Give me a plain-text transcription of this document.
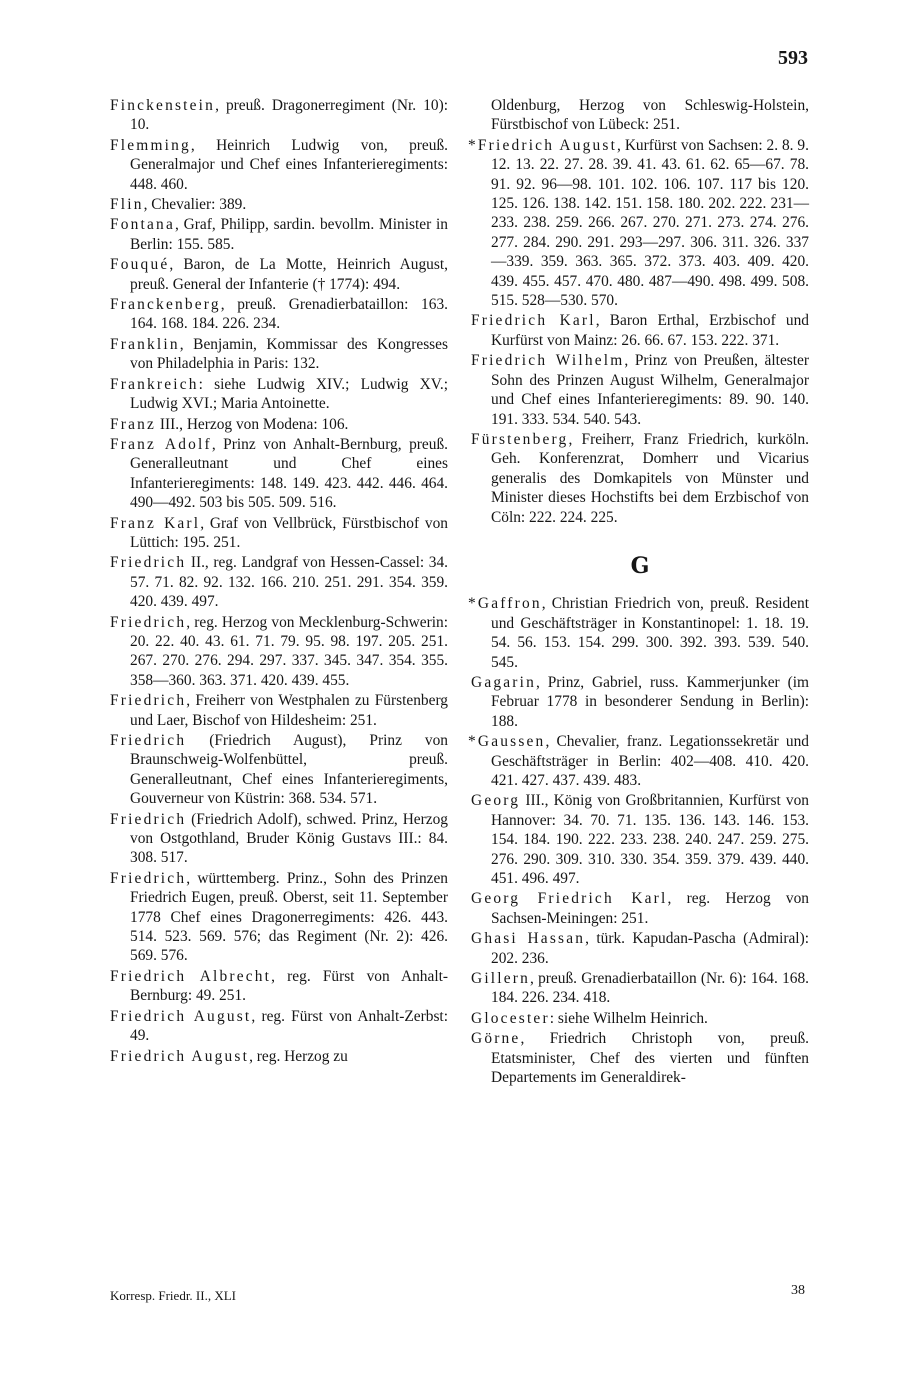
593

Finckenstein, preuß. Dragonerregiment (Nr. 10): 10.

Flemming, Heinrich Ludwig von, preuß. Generalmajor und Chef eines Infanterieregiments: 448. 460.

Flin, Chevalier: 389.

Fontana, Graf, Philipp, sardin. bevollm. Minister in Berlin: 155. 585.

Fouqué, Baron, de La Motte, Heinrich August, preuß. General der Infanterie († 1774): 494.

Franckenberg, preuß. Grenadierbataillon: 163. 164. 168. 184. 226. 234.

Franklin, Benjamin, Kommissar des Kongresses von Philadelphia in Paris: 132.

Frankreich: siehe Ludwig XIV.; Ludwig XV.; Ludwig XVI.; Maria Antoinette.

Franz III., Herzog von Modena: 106.

Franz Adolf, Prinz von Anhalt-Bernburg, preuß. Generalleutnant und Chef eines Infanterieregiments: 148. 149. 423. 442. 446. 464. 490—492. 503 bis 505. 509. 516.

Franz Karl, Graf von Vellbrück, Fürstbischof von Lüttich: 195. 251.

Friedrich II., reg. Landgraf von Hessen-Cassel: 34. 57. 71. 82. 92. 132. 166. 210. 251. 291. 354. 359. 420. 439. 497.

Friedrich, reg. Herzog von Mecklenburg-Schwerin: 20. 22. 40. 43. 61. 71. 79. 95. 98. 197. 205. 251. 267. 270. 276. 294. 297. 337. 345. 347. 354. 355. 358—360. 363. 371. 420. 439. 455.

Friedrich, Freiherr von Westphalen zu Fürstenberg und Laer, Bischof von Hildesheim: 251.

Friedrich (Friedrich August), Prinz von Braunschweig-Wolfenbüttel, preuß. Generalleutnant, Chef eines Infanterieregiments, Gouverneur von Küstrin: 368. 534. 571.

Friedrich (Friedrich Adolf), schwed. Prinz, Herzog von Ostgothland, Bruder König Gustavs III.: 84. 308. 517.

Friedrich, württemberg. Prinz., Sohn des Prinzen Friedrich Eugen, preuß. Oberst, seit 11. September 1778 Chef eines Dragonerregiments: 426. 443. 514. 523. 569. 576; das Regiment (Nr. 2): 426. 569. 576.

Friedrich Albrecht, reg. Fürst von Anhalt-Bernburg: 49. 251.

Friedrich August, reg. Fürst von Anhalt-Zerbst: 49.

Friedrich August, reg. Herzog zu

Oldenburg, Herzog von Schleswig-Holstein, Fürstbischof von Lübeck: 251.

*Friedrich August, Kurfürst von Sachsen: 2. 8. 9. 12. 13. 22. 27. 28. 39. 41. 43. 61. 62. 65—67. 78. 91. 92. 96—98. 101. 102. 106. 107. 117 bis 120. 125. 126. 138. 142. 151. 158. 180. 202. 222. 231—233. 238. 259. 266. 267. 270. 271. 273. 274. 276. 277. 284. 290. 291. 293—297. 306. 311. 326. 337—339. 359. 363. 365. 372. 373. 403. 409. 420. 439. 455. 457. 470. 480. 487—490. 498. 499. 508. 515. 528—530. 570.

Friedrich Karl, Baron Erthal, Erzbischof und Kurfürst von Mainz: 26. 66. 67. 153. 222. 371.

Friedrich Wilhelm, Prinz von Preußen, ältester Sohn des Prinzen August Wilhelm, Generalmajor und Chef eines Infanterieregiments: 89. 90. 140. 191. 333. 534. 540. 543.

Fürstenberg, Freiherr, Franz Friedrich, kurköln. Geh. Konferenzrat, Domherr und Vicarius generalis des Domkapitels von Münster und Minister dieses Hochstifts bei dem Erzbischof von Cöln: 222. 224. 225.

G

*Gaffron, Christian Friedrich von, preuß. Resident und Geschäftsträger in Konstantinopel: 1. 18. 19. 54. 56. 153. 154. 299. 300. 392. 393. 539. 540. 545.

Gagarin, Prinz, Gabriel, russ. Kammerjunker (im Februar 1778 in besonderer Sendung in Berlin): 188.

*Gaussen, Chevalier, franz. Legationssekretär und Geschäftsträger in Berlin: 402—408. 410. 420. 421. 427. 437. 439. 483.

Georg III., König von Großbritannien, Kurfürst von Hannover: 34. 70. 71. 135. 136. 143. 146. 153. 154. 184. 190. 222. 233. 238. 240. 247. 259. 275. 276. 290. 309. 310. 330. 354. 359. 379. 439. 440. 451. 496. 497.

Georg Friedrich Karl, reg. Herzog von Sachsen-Meiningen: 251.

Ghasi Hassan, türk. Kapudan-Pascha (Admiral): 202. 236.

Gillern, preuß. Grenadierbataillon (Nr. 6): 164. 168. 184. 226. 234. 418.

Glocester: siehe Wilhelm Heinrich.

Görne, Friedrich Christoph von, preuß. Etatsminister, Chef des vierten und fünften Departements im Generaldirek-

Korresp. Friedr. II., XLI	38
